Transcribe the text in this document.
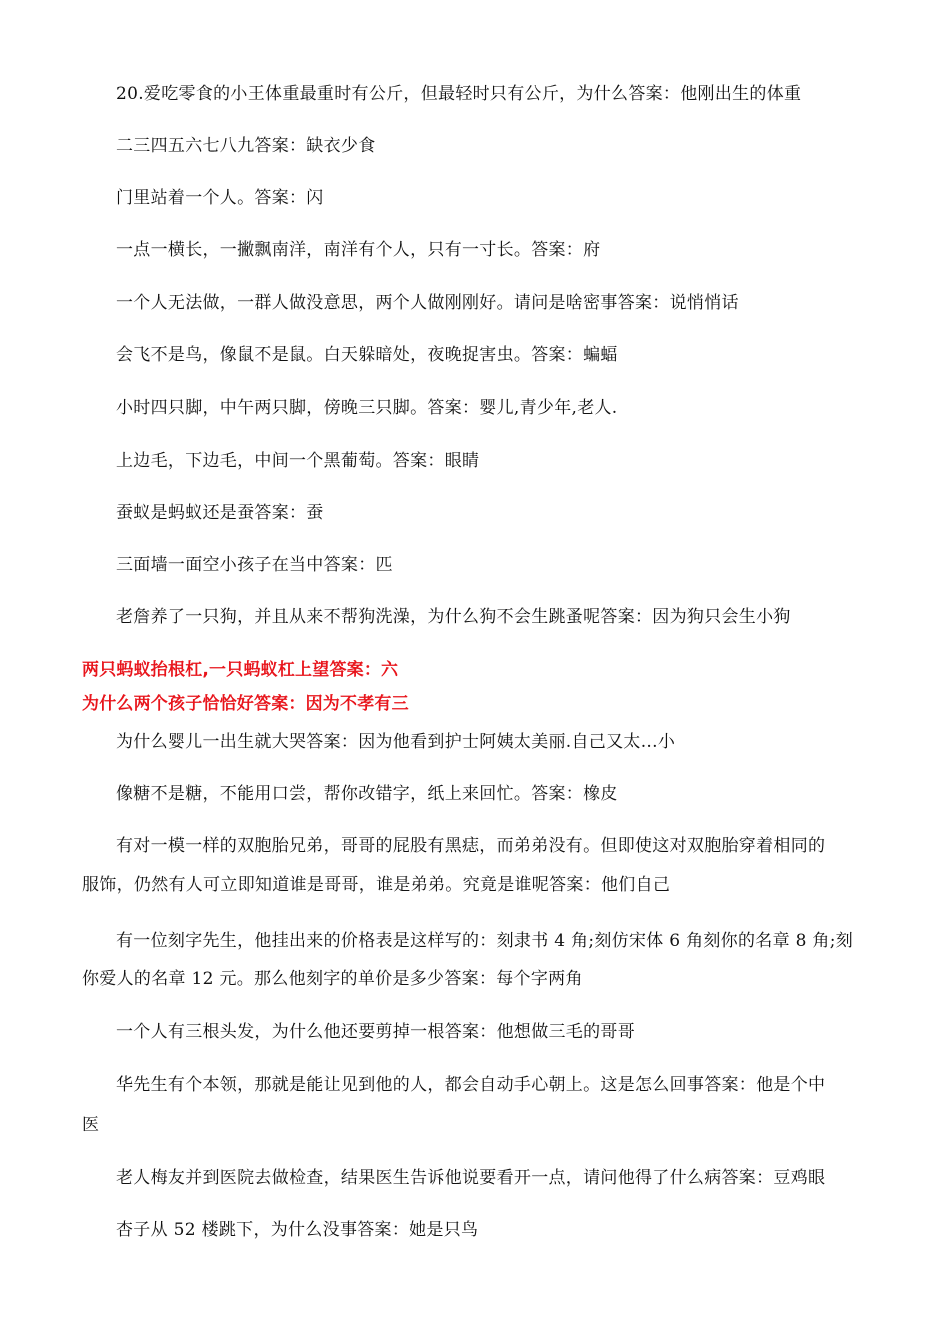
20.爱吃零食的小王体重最重时有公斤，但最轻时只有公斤，为什么答案：他刚出生的体重
二三四五六七八九答案：缺衣少食
门里站着一个人。答案：闪
一点一横长，一撇飘南洋，南洋有个人，只有一寸长。答案：府
一个人无法做，一群人做没意思，两个人做刚刚好。请问是啥密事答案：说悄悄话
会飞不是鸟，像鼠不是鼠。白天躲暗处，夜晚捉害虫。答案：蝙蝠
小时四只脚，中午两只脚，傍晚三只脚。答案：婴儿,青少年,老人.
上边毛，下边毛，中间一个黑葡萄。答案：眼睛
蚕蚁是蚂蚁还是蚕答案：蚕
三面墙一面空小孩子在当中答案：匹
老詹养了一只狗，并且从来不帮狗洗澡，为什么狗不会生跳蚤呢答案：因为狗只会生小狗
两只蚂蚁抬根杠,一只蚂蚁杠上望答案：六
为什么两个孩子恰恰好答案：因为不孝有三
为什么婴儿一出生就大哭答案：因为他看到护士阿姨太美丽.自己又太...小
像糖不是糖，不能用口尝，帮你改错字，纸上来回忙。答案：橡皮
有对一模一样的双胞胎兄弟，哥哥的屁股有黑痣，而弟弟没有。但即使这对双胞胎穿着相同的
服饰，仍然有人可立即知道谁是哥哥，谁是弟弟。究竟是谁呢答案：他们自己
有一位刻字先生，他挂出来的价格表是这样写的：刻隶书 4 角;刻仿宋体 6 角刻你的名章 8 角;刻
你爱人的名章 12 元。那么他刻字的单价是多少答案：每个字两角
一个人有三根头发，为什么他还要剪掉一根答案：他想做三毛的哥哥
华先生有个本领，那就是能让见到他的人，都会自动手心朝上。这是怎么回事答案：他是个中
医
老人梅友并到医院去做检查，结果医生告诉他说要看开一点，请问他得了什么病答案：豆鸡眼
杏子从 52 楼跳下，为什么没事答案：她是只鸟
